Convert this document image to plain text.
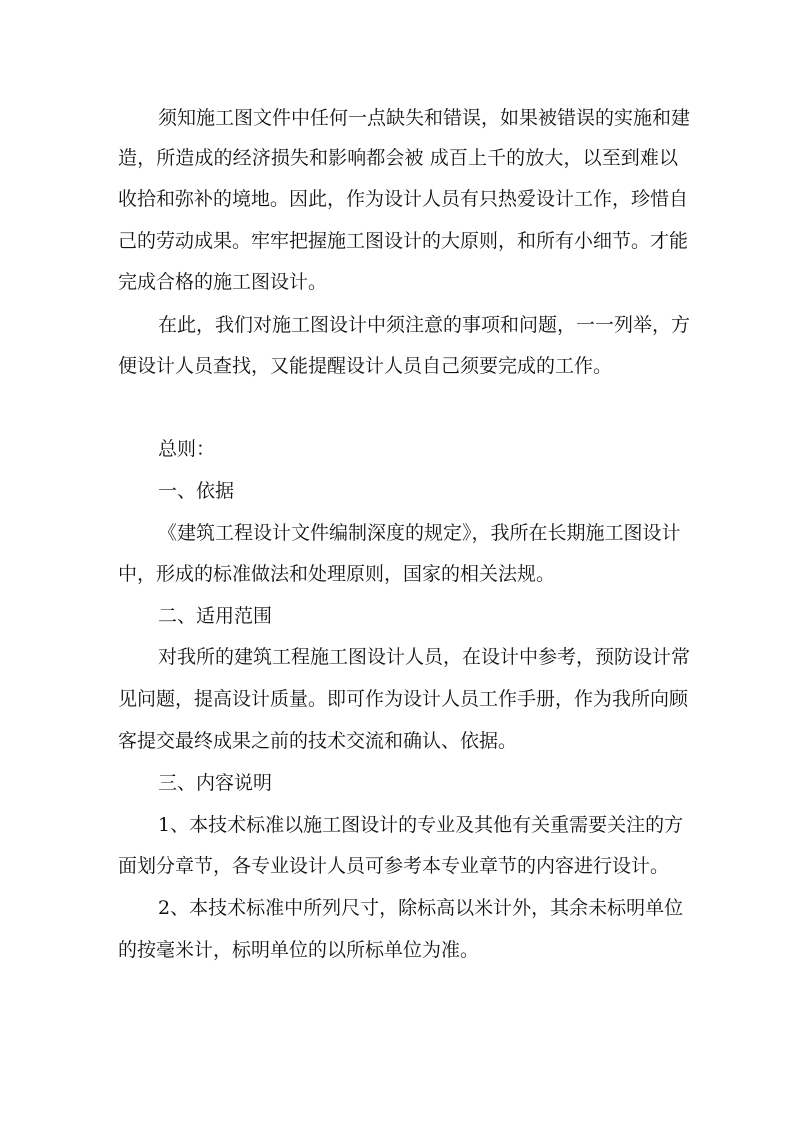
须知施工图文件中任何一点缺失和错误，如果被错误的实施和建
造，所造成的经济损失和影响都会被 成百上千的放大，以至到难以
收拾和弥补的境地。因此，作为设计人员有只热爱设计工作，珍惜自
己的劳动成果。牢牢把握施工图设计的大原则，和所有小细节。才能
完成合格的施工图设计。
在此，我们对施工图设计中须注意的事项和问题，一一列举，方
便设计人员查找，又能提醒设计人员自己须要完成的工作。
总则：
一、依据
《建筑工程设计文件编制深度的规定》，我所在长期施工图设计
中，形成的标准做法和处理原则，国家的相关法规。
二、适用范围
对我所的建筑工程施工图设计人员，在设计中参考，预防设计常
见问题，提高设计质量。即可作为设计人员工作手册，作为我所向顾
客提交最终成果之前的技术交流和确认、依据。
三、内容说明
1、本技术标准以施工图设计的专业及其他有关重需要关注的方
面划分章节，各专业设计人员可参考本专业章节的内容进行设计。
2、本技术标准中所列尺寸，除标高以米计外，其余未标明单位
的按毫米计，标明单位的以所标单位为准。
